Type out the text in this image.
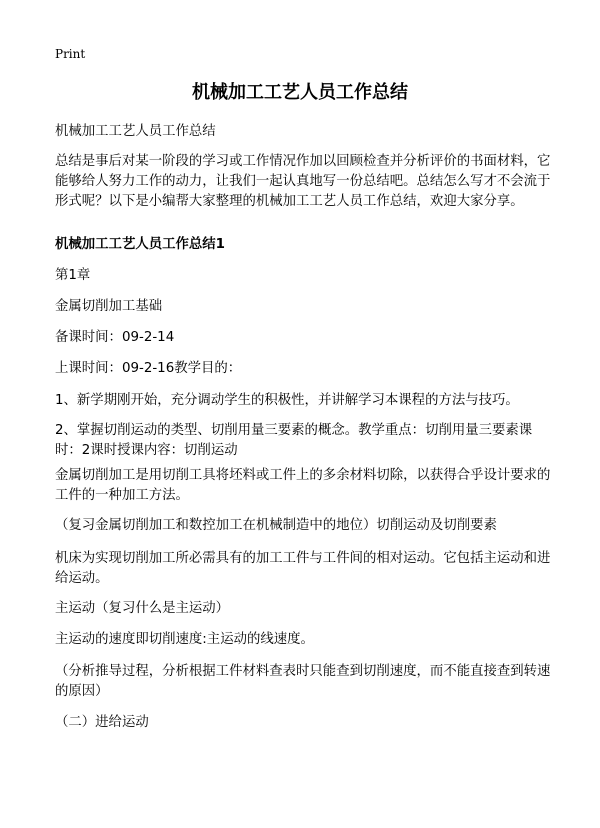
Print
机械加工工艺人员工作总结

机械加工工艺人员工作总结

总结是事后对某一阶段的学习或工作情况作加以回顾检查并分析评价的书面材料，它能够给人努力工作的动力，让我们一起认真地写一份总结吧。总结怎么写才不会流于形式呢？以下是小编帮大家整理的机械加工工艺人员工作总结，欢迎大家分享。

机械加工工艺人员工作总结1

第1章

金属切削加工基础

备课时间：09-2-14

上课时间：09-2-16教学目的：

1、新学期刚开始，充分调动学生的积极性，并讲解学习本课程的方法与技巧。

2、掌握切削运动的类型、切削用量三要素的概念。教学重点：切削用量三要素课时：2课时授课内容：切削运动

金属切削加工是用切削工具将坯料或工件上的多余材料切除，以获得合乎设计要求的工件的一种加工方法。

（复习金属切削加工和数控加工在机械制造中的地位）切削运动及切削要素

机床为实现切削加工所必需具有的加工工件与工件间的相对运动。它包括主运动和进给运动。

主运动（复习什么是主运动）

主运动的速度即切削速度:主运动的线速度。

（分析推导过程，分析根据工件材料查表时只能查到切削速度，而不能直接查到转速的原因）

（二）进给运动
